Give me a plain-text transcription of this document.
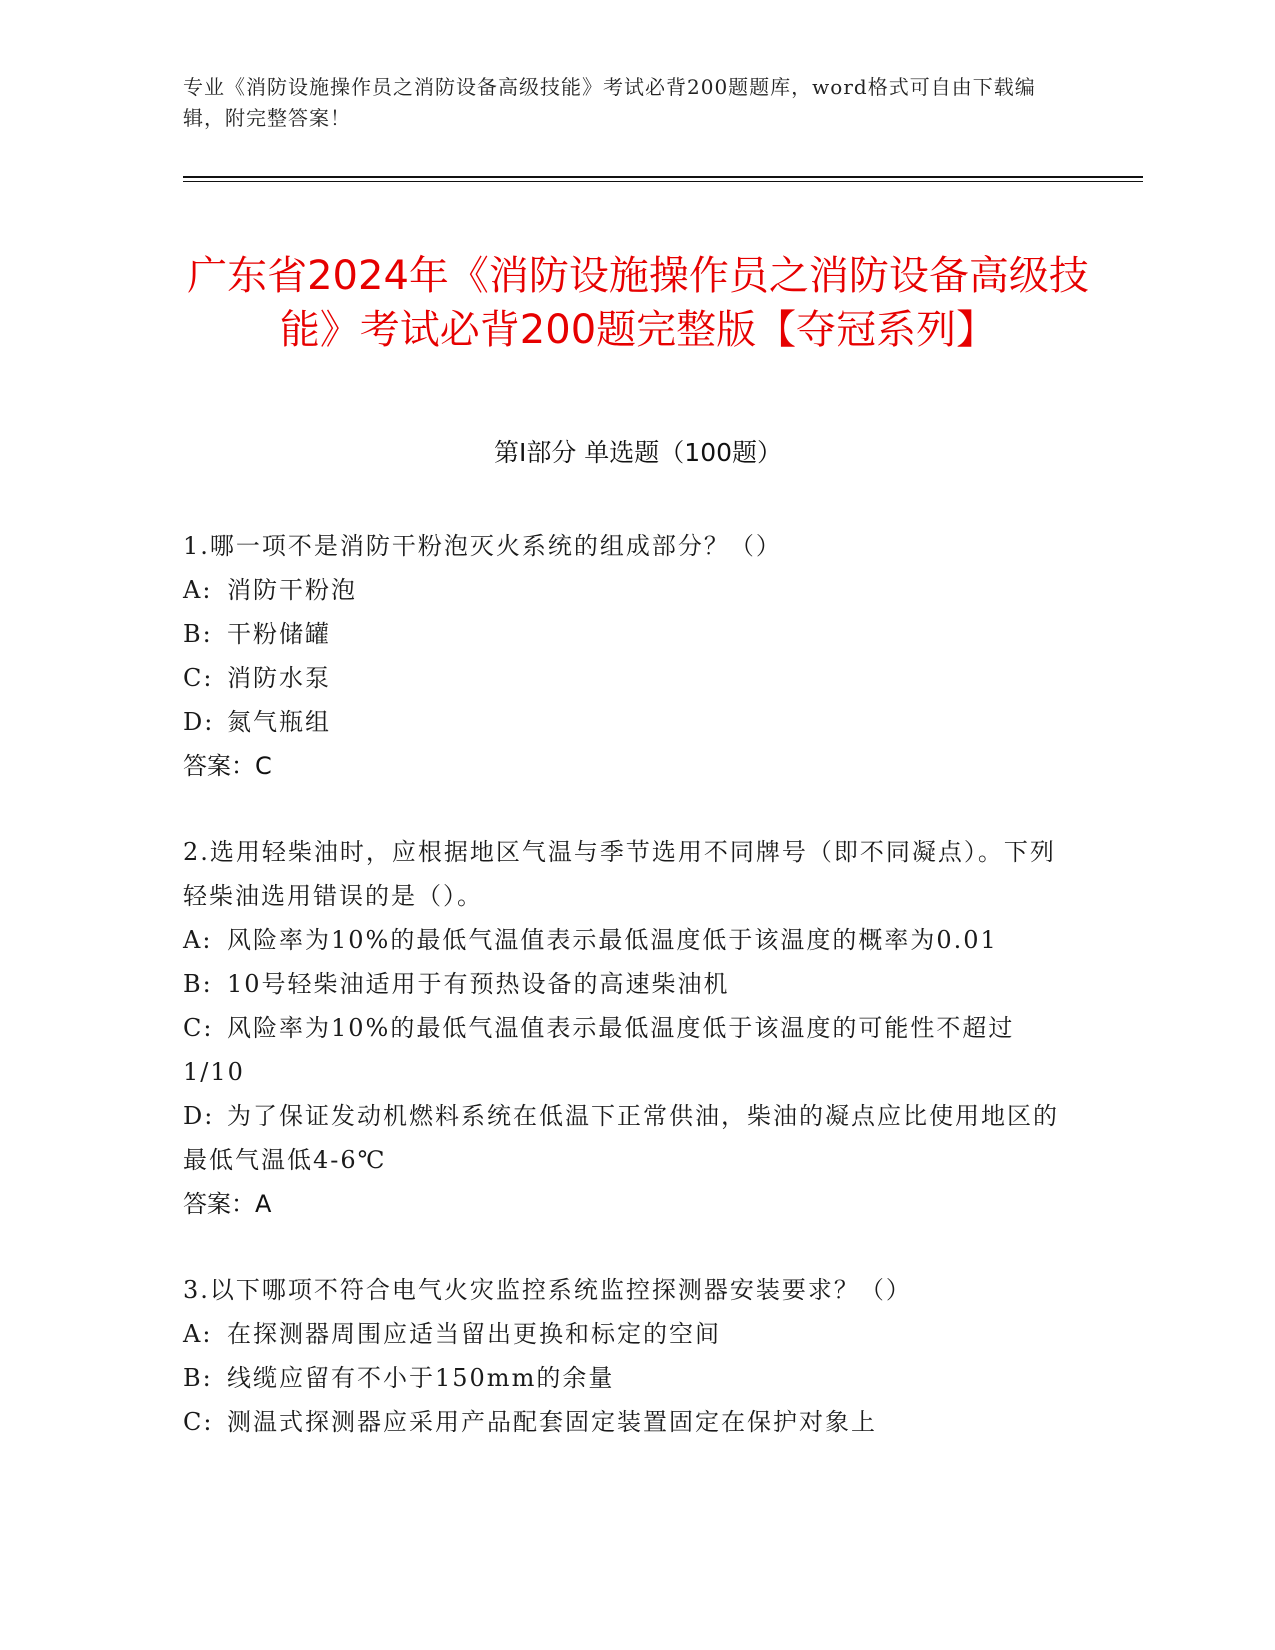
专业《消防设施操作员之消防设备高级技能》考试必背200题题库，word格式可自由下载编辑，附完整答案！
广东省2024年《消防设施操作员之消防设备高级技能》考试必背200题完整版【夺冠系列】
第I部分 单选题（100题）
1.哪一项不是消防干粉泡灭火系统的组成部分？（）
A: 消防干粉泡
B: 干粉储罐
C: 消防水泵
D: 氮气瓶组
答案：C
2.选用轻柴油时，应根据地区气温与季节选用不同牌号（即不同凝点）。下列轻柴油选用错误的是（）。
A: 风险率为10%的最低气温值表示最低温度低于该温度的概率为0.01
B: 10号轻柴油适用于有预热设备的高速柴油机
C: 风险率为10%的最低气温值表示最低温度低于该温度的可能性不超过1/10
D: 为了保证发动机燃料系统在低温下正常供油，柴油的凝点应比使用地区的最低气温低4-6℃
答案：A
3.以下哪项不符合电气火灾监控系统监控探测器安装要求？（）
A: 在探测器周围应适当留出更换和标定的空间
B: 线缆应留有不小于150mm的余量
C: 测温式探测器应采用产品配套固定装置固定在保护对象上
